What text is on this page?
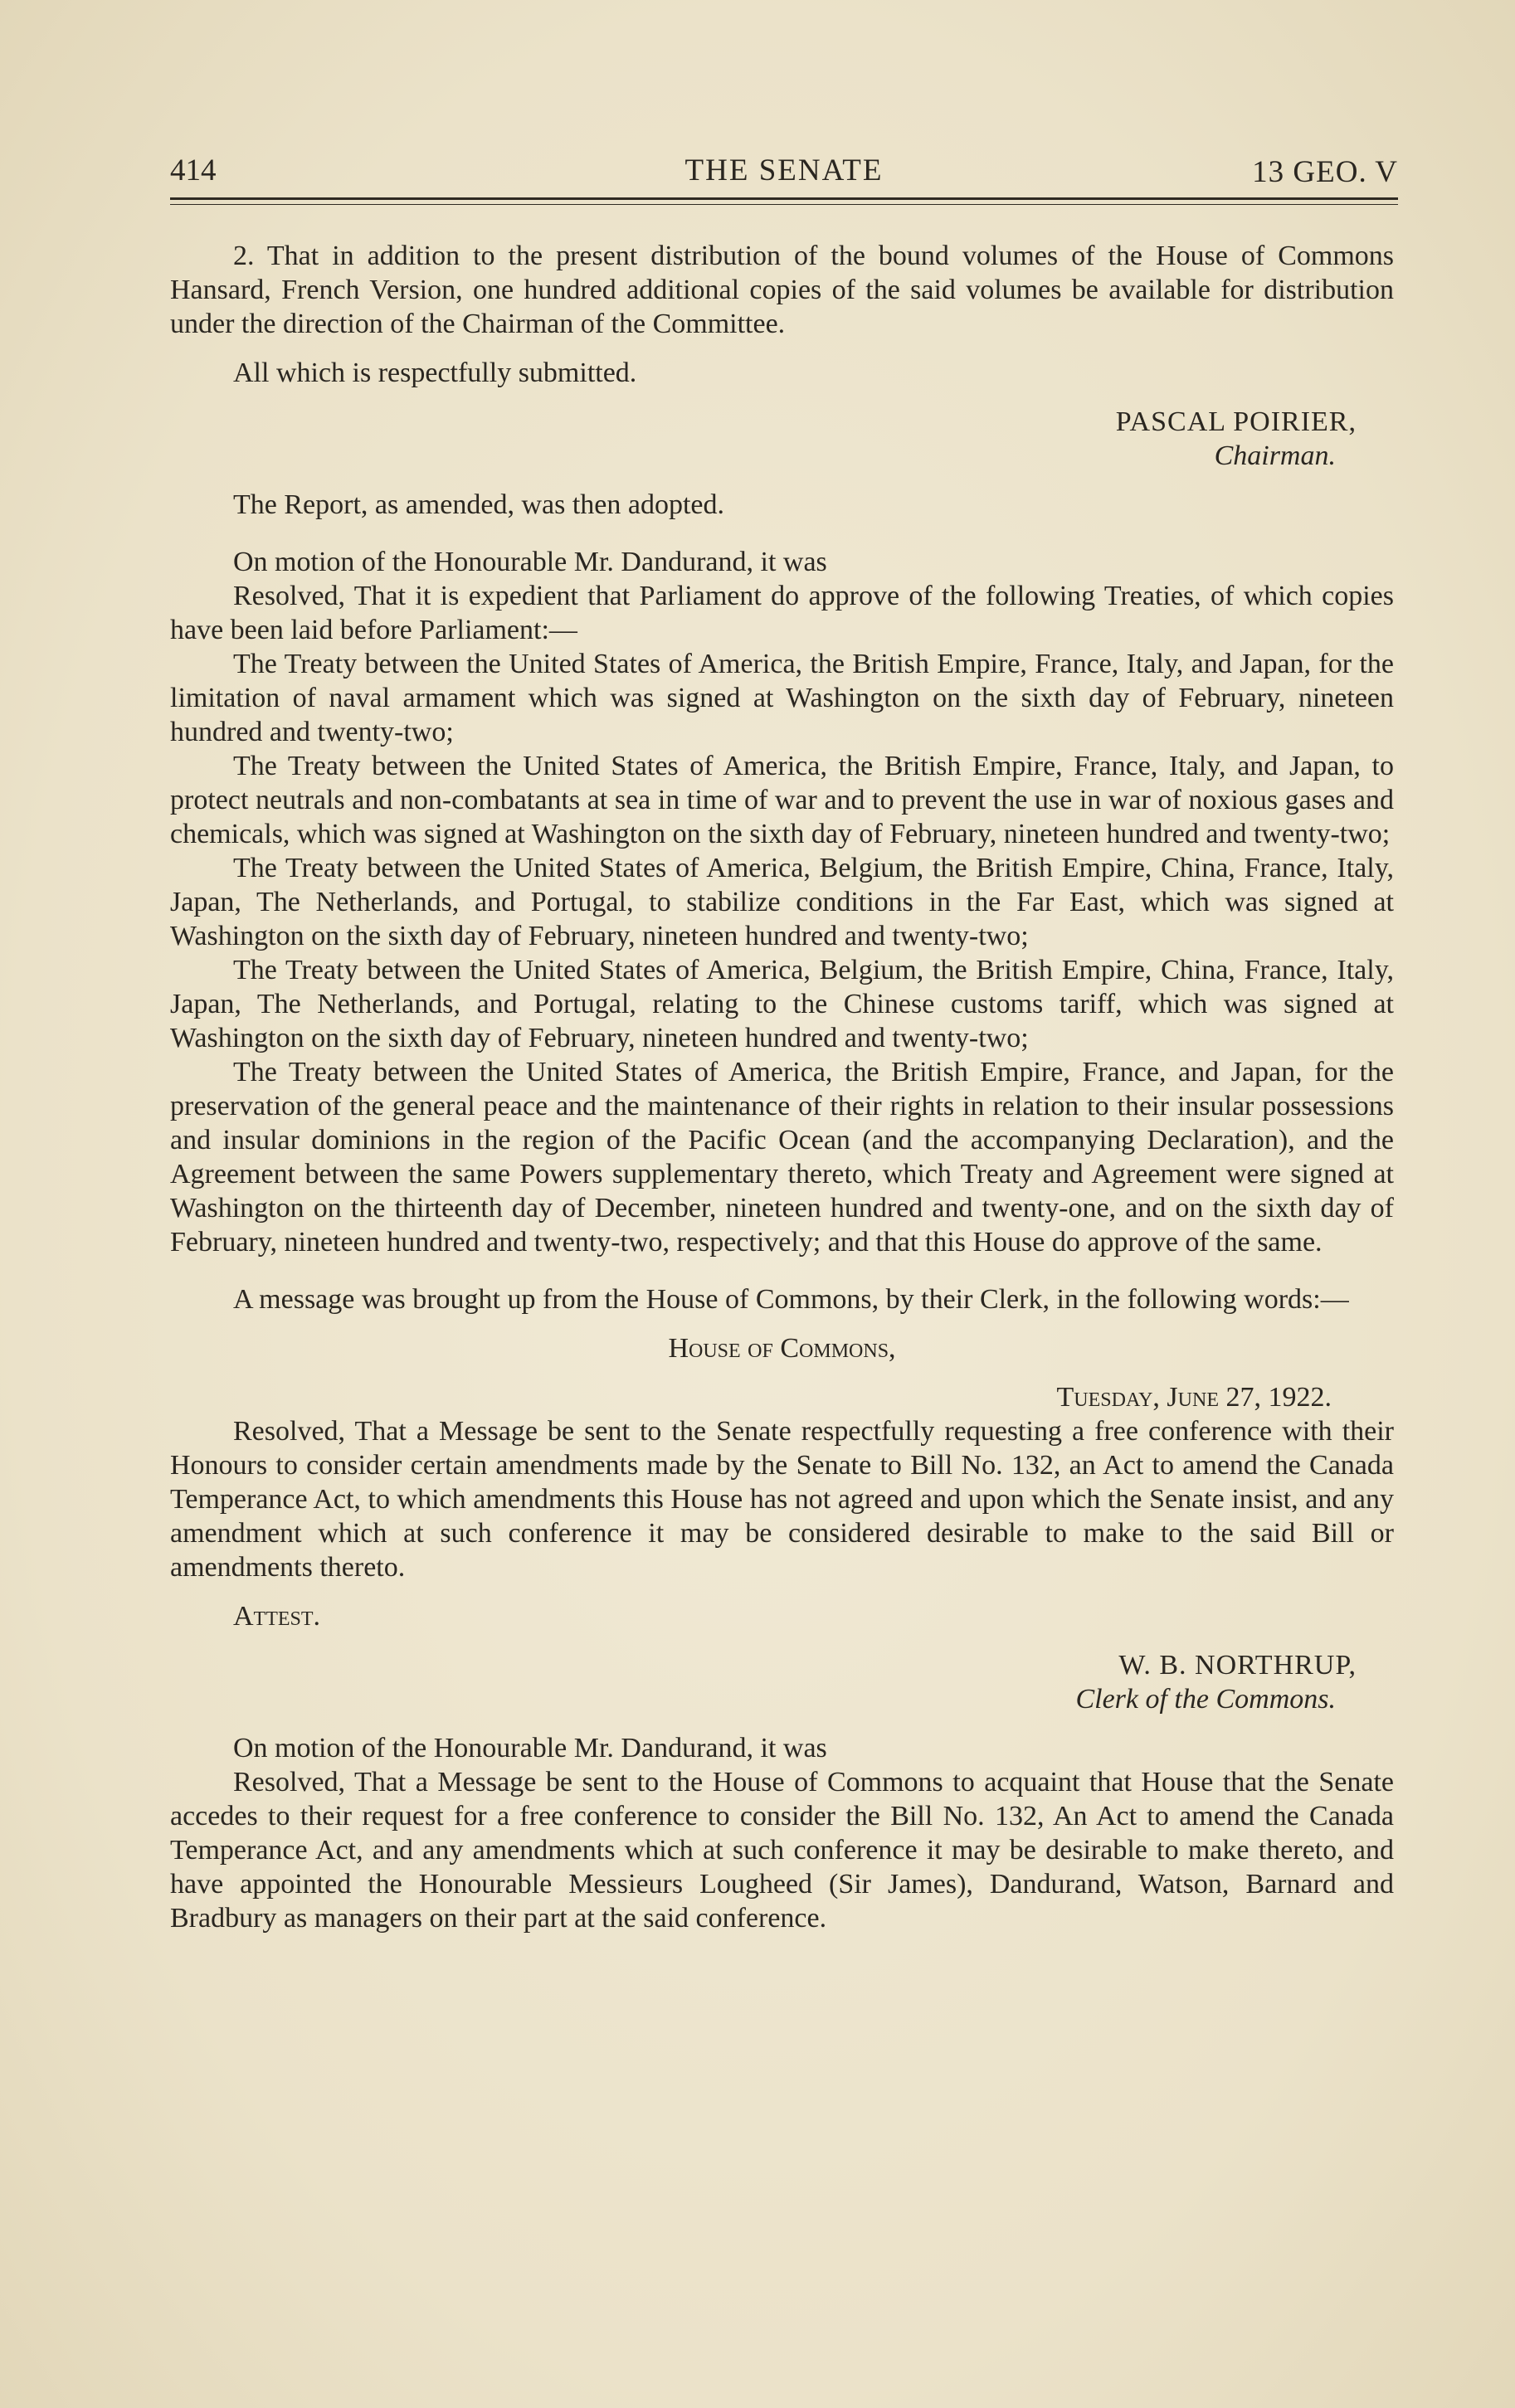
414	THE SENATE	13 GEO. V

2. That in addition to the present distribution of the bound volumes of the House of Commons Hansard, French Version, one hundred additional copies of the said volumes be available for distribution under the direction of the Chairman of the Committee.

All which is respectfully submitted.

PASCAL POIRIER,

Chairman.

The Report, as amended, was then adopted.

On motion of the Honourable Mr. Dandurand, it was

Resolved, That it is expedient that Parliament do approve of the following Treaties, of which copies have been laid before Parliament:—

The Treaty between the United States of America, the British Empire, France, Italy, and Japan, for the limitation of naval armament which was signed at Washington on the sixth day of February, nineteen hundred and twenty-two;

The Treaty between the United States of America, the British Empire, France, Italy, and Japan, to protect neutrals and non-combatants at sea in time of war and to prevent the use in war of noxious gases and chemicals, which was signed at Washington on the sixth day of February, nineteen hundred and twenty-two;

The Treaty between the United States of America, Belgium, the British Empire, China, France, Italy, Japan, The Netherlands, and Portugal, to stabilize conditions in the Far East, which was signed at Washington on the sixth day of February, nineteen hundred and twenty-two;

The Treaty between the United States of America, Belgium, the British Empire, China, France, Italy, Japan, The Netherlands, and Portugal, relating to the Chinese customs tariff, which was signed at Washington on the sixth day of February, nineteen hundred and twenty-two;

The Treaty between the United States of America, the British Empire, France, and Japan, for the preservation of the general peace and the maintenance of their rights in relation to their insular possessions and insular dominions in the region of the Pacific Ocean (and the accompanying Declaration), and the Agreement between the same Powers supplementary thereto, which Treaty and Agreement were signed at Washington on the thirteenth day of December, nineteen hundred and twenty-one, and on the sixth day of February, nineteen hundred and twenty-two, respectively; and that this House do approve of the same.

A message was brought up from the House of Commons, by their Clerk, in the following words:—

House of Commons,

Tuesday, June 27, 1922.

Resolved, That a Message be sent to the Senate respectfully requesting a free conference with their Honours to consider certain amendments made by the Senate to Bill No. 132, an Act to amend the Canada Temperance Act, to which amendments this House has not agreed and upon which the Senate insist, and any amendment which at such conference it may be considered desirable to make to the said Bill or amendments thereto.

Attest.

W. B. NORTHRUP,

Clerk of the Commons.

On motion of the Honourable Mr. Dandurand, it was

Resolved, That a Message be sent to the House of Commons to acquaint that House that the Senate accedes to their request for a free conference to consider the Bill No. 132, An Act to amend the Canada Temperance Act, and any amendments which at such conference it may be desirable to make thereto, and have appointed the Honourable Messieurs Lougheed (Sir James), Dandurand, Watson, Barnard and Bradbury as managers on their part at the said conference.
